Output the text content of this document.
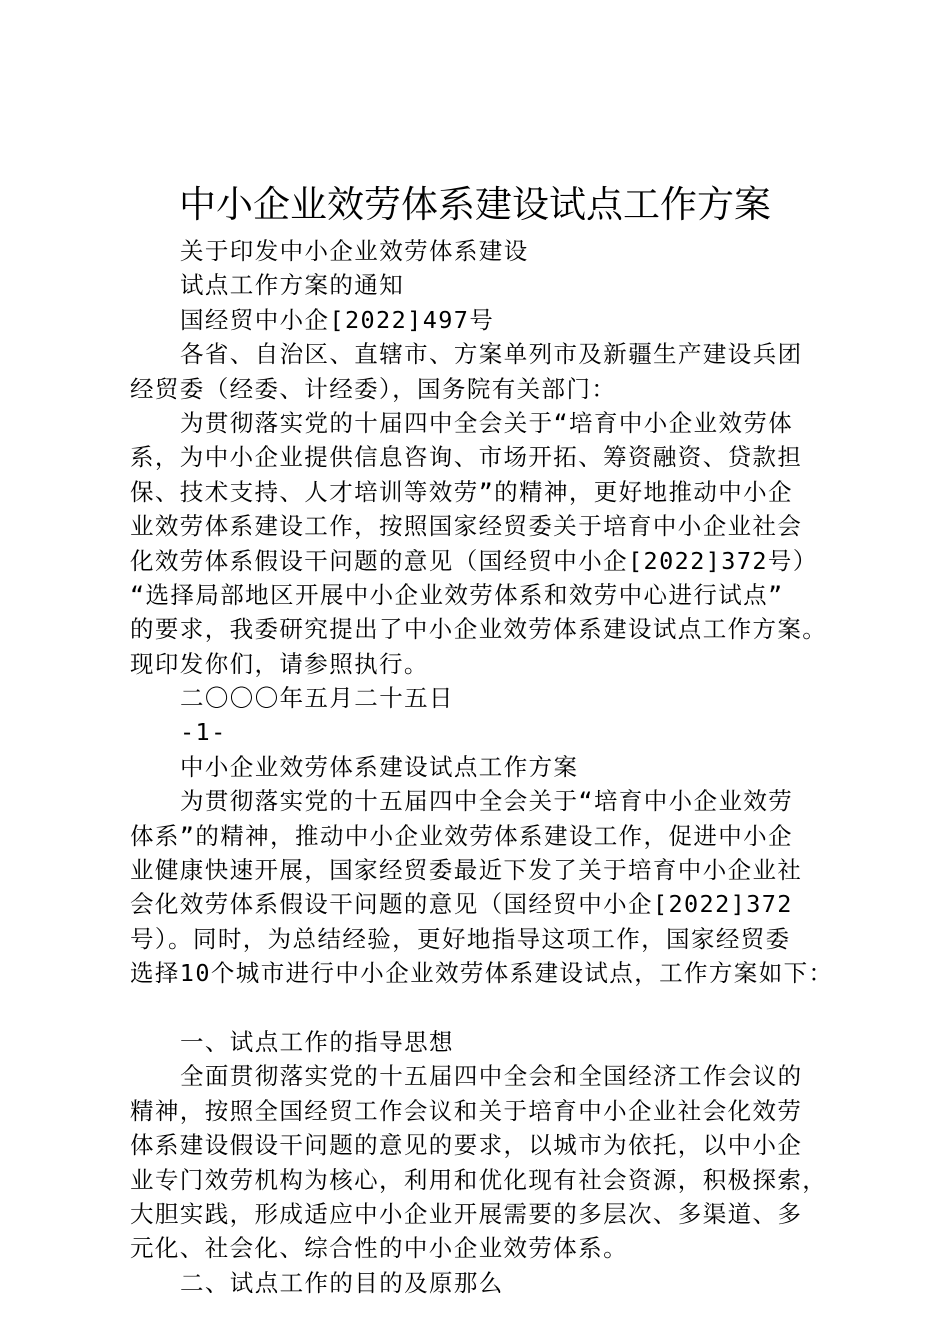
中小企业效劳体系建设试点工作方案
关于印发中小企业效劳体系建设
试点工作方案的通知
国经贸中小企[2022]497号
各省、自治区、直辖市、方案单列市及新疆生产建设兵团
经贸委（经委、计经委），国务院有关部门：
为贯彻落实党的十届四中全会关于“培育中小企业效劳体
系，为中小企业提供信息咨询、市场开拓、筹资融资、贷款担
保、技术支持、人才培训等效劳”的精神，更好地推动中小企
业效劳体系建设工作，按照国家经贸委关于培育中小企业社会
化效劳体系假设干问题的意见（国经贸中小企[2022]372号）
“选择局部地区开展中小企业效劳体系和效劳中心进行试点”
的要求，我委研究提出了中小企业效劳体系建设试点工作方案。
现印发你们，请参照执行。
二〇〇〇年五月二十五日
-1-
中小企业效劳体系建设试点工作方案
为贯彻落实党的十五届四中全会关于“培育中小企业效劳
体系”的精神，推动中小企业效劳体系建设工作，促进中小企
业健康快速开展，国家经贸委最近下发了关于培育中小企业社
会化效劳体系假设干问题的意见（国经贸中小企[2022]372
号）。同时，为总结经验，更好地指导这项工作，国家经贸委
选择10个城市进行中小企业效劳体系建设试点，工作方案如下：
一、试点工作的指导思想
全面贯彻落实党的十五届四中全会和全国经济工作会议的
精神，按照全国经贸工作会议和关于培育中小企业社会化效劳
体系建设假设干问题的意见的要求，以城市为依托，以中小企
业专门效劳机构为核心，利用和优化现有社会资源，积极探索，
大胆实践，形成适应中小企业开展需要的多层次、多渠道、多
元化、社会化、综合性的中小企业效劳体系。
二、试点工作的目的及原那么
